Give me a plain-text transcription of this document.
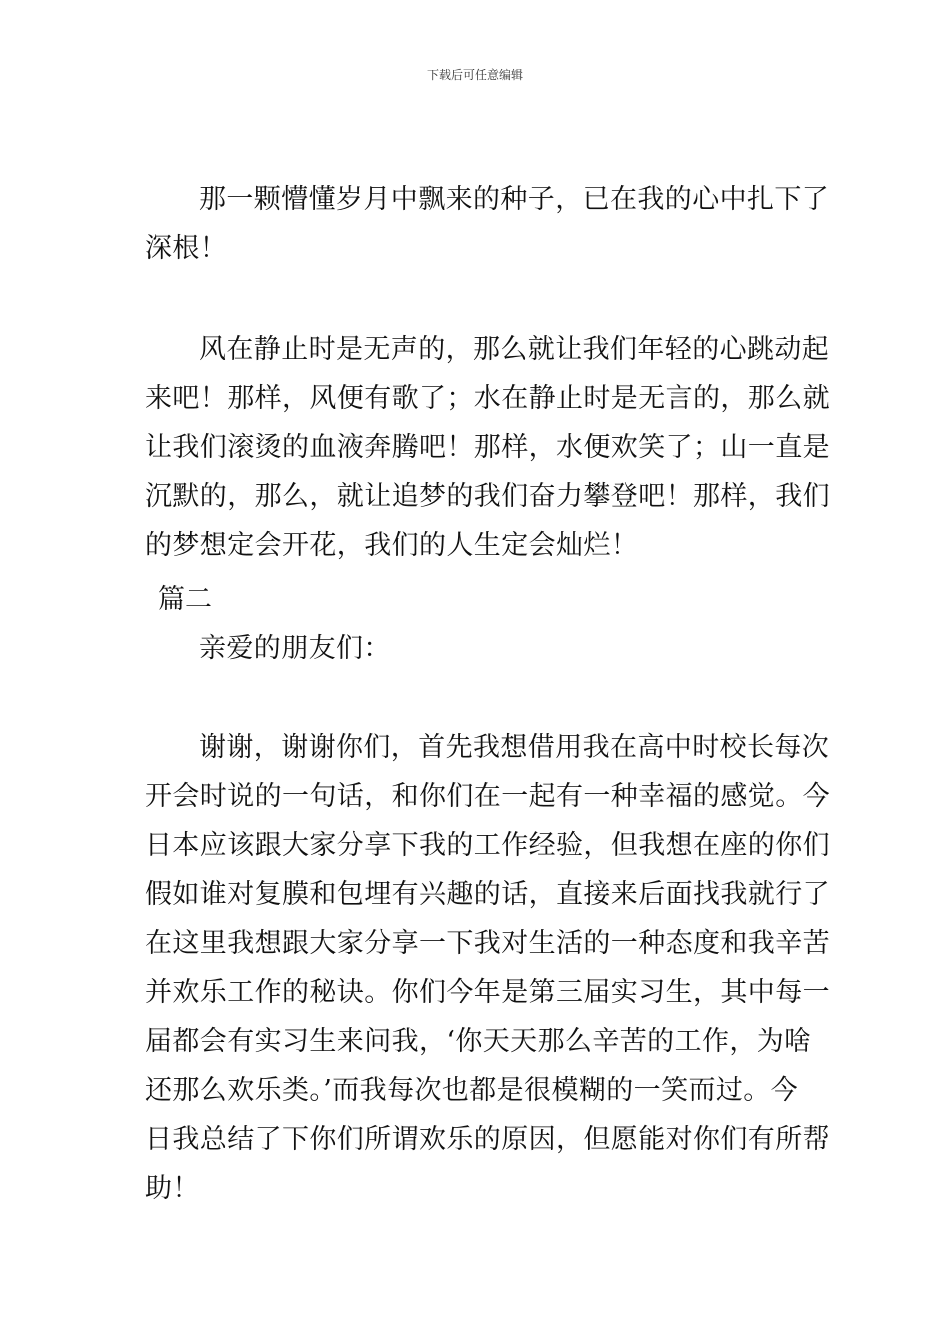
下载后可任意编辑
那一颗懵懂岁月中飘来的种子，已在我的心中扎下了
深根！
风在静止时是无声的，那么就让我们年轻的心跳动起
来吧！那样，风便有歌了；水在静止时是无言的，那么就
让我们滚烫的血液奔腾吧！那样，水便欢笑了；山一直是
沉默的，那么，就让追梦的我们奋力攀登吧！那样，我们
的梦想定会开花，我们的人生定会灿烂！
篇二
亲爱的朋友们：
谢谢，谢谢你们，首先我想借用我在高中时校长每次
开会时说的一句话，和你们在一起有一种幸福的感觉。今
日本应该跟大家分享下我的工作经验，但我想在座的你们
假如谁对复膜和包埋有兴趣的话，直接来后面找我就行了
在这里我想跟大家分享一下我对生活的一种态度和我辛苦
并欢乐工作的秘诀。你们今年是第三届实习生，其中每一
届都会有实习生来问我，‘你天天那么辛苦的工作，为啥
还那么欢乐类。’而我每次也都是很模糊的一笑而过。今
日我总结了下你们所谓欢乐的原因，但愿能对你们有所帮
助！
